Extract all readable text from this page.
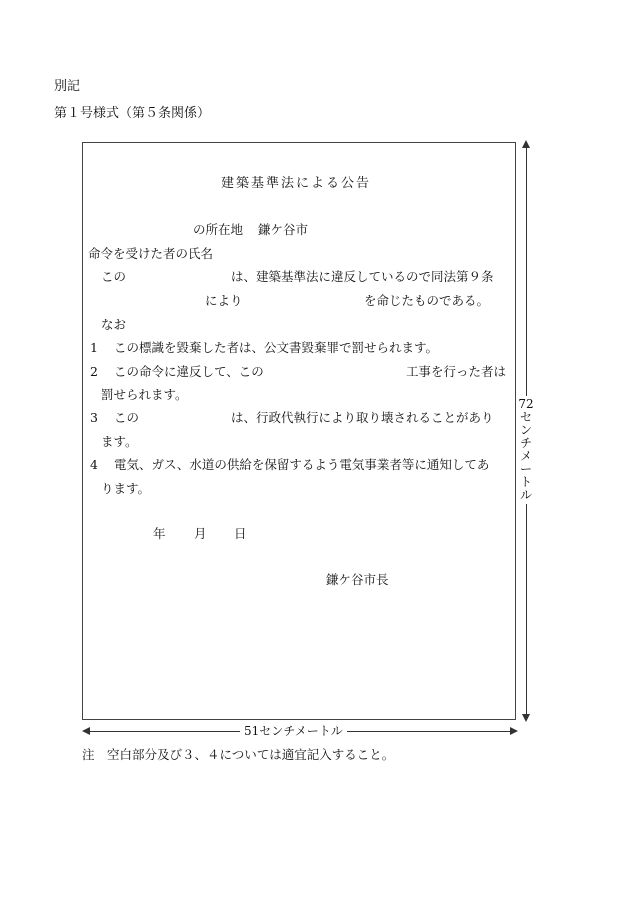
別記
第１号様式（第５条関係）
建築基準法による公告
の所在地 鎌ケ谷市
命令を受けた者の氏名
この	は、建築基準法に違反しているので同法第９条
により	を命じたものである。
なお
1 この標識を毀棄した者は、公文書毀棄罪で罰せられます。
2 この命令に違反して、この	工事を行った者は
罰せられます。
3 この	は、行政代執行により取り壊されることがあり
ます。
4 電気、ガス、水道の供給を保留するよう電気事業者等に通知してあ
ります。
年 月 日
鎌ケ谷市長
72センチメートル
51センチメートル
注　空白部分及び３、４については適宜記入すること。
